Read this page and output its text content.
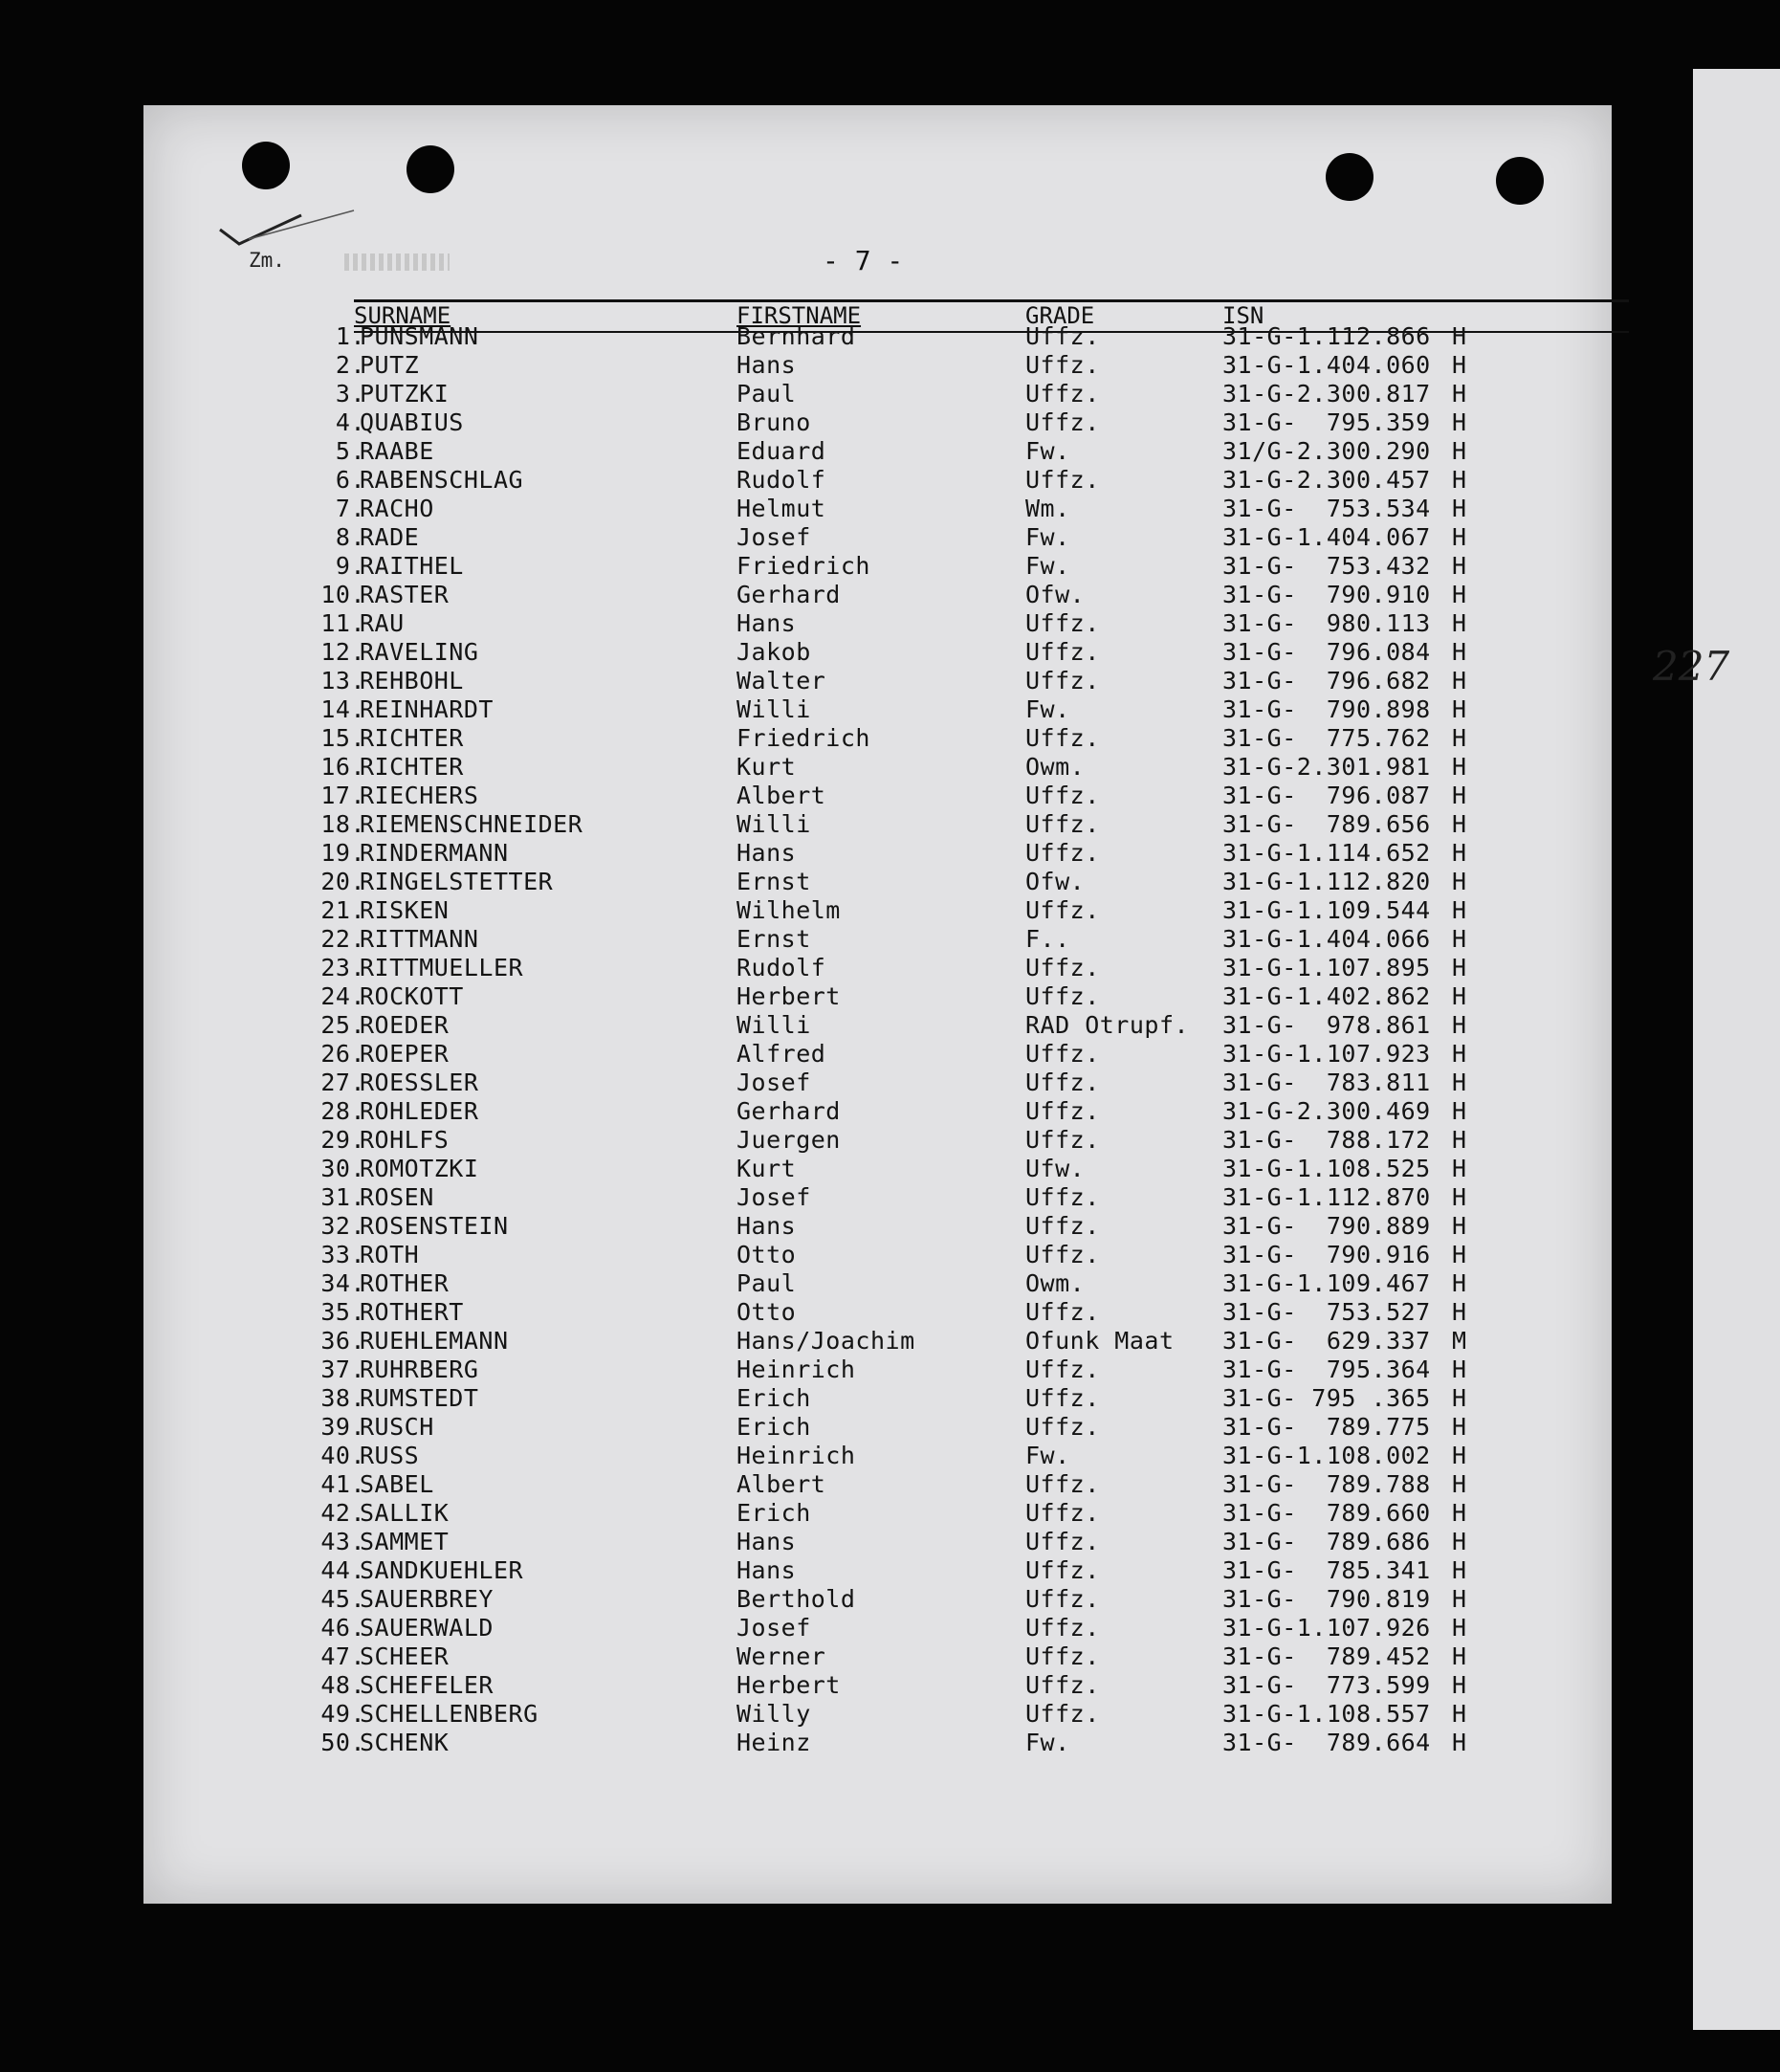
Zm.	- 7 -
227
SURNAME	FIRSTNAME	GRADE	ISN
1.
PUNSMANN	Bernhard	Uffz.	31-G-1.112.866 H
2.
PUTZ	Hans	Uffz.	31-G-1.404.060 H
3.
PUTZKI	Paul	Uffz.	31-G-2.300.817 H
4.
QUABIUS	Bruno	Uffz.	31-G-  795.359 H
5.
RAABE	Eduard	Fw.	31/G-2.300.290 H
6.
RABENSCHLAG	Rudolf	Uffz.	31-G-2.300.457 H
7.
RACHO	Helmut	Wm.	31-G-  753.534 H
8.
RADE	Josef	Fw.	31-G-1.404.067 H
9.
RAITHEL	Friedrich	Fw.	31-G-  753.432 H
10.
RASTER	Gerhard	Ofw.	31-G-  790.910 H
11.
RAU	Hans	Uffz.	31-G-  980.113 H
12.
RAVELING	Jakob	Uffz.	31-G-  796.084 H
13.
REHBOHL	Walter	Uffz.	31-G-  796.682 H
14.
REINHARDT	Willi	Fw.	31-G-  790.898 H
15.
RICHTER	Friedrich	Uffz.	31-G-  775.762 H
16.
RICHTER	Kurt	Owm.	31-G-2.301.981 H
17.
RIECHERS	Albert	Uffz.	31-G-  796.087 H
18.
RIEMENSCHNEIDER	Willi	Uffz.	31-G-  789.656 H
19.
RINDERMANN	Hans	Uffz.	31-G-1.114.652 H
20.
RINGELSTETTER	Ernst	Ofw.	31-G-1.112.820 H
21.
RISKEN	Wilhelm	Uffz.	31-G-1.109.544 H
22.
RITTMANN	Ernst	F..	31-G-1.404.066 H
23.
RITTMUELLER	Rudolf	Uffz.	31-G-1.107.895 H
24.
ROCKOTT	Herbert	Uffz.	31-G-1.402.862 H
25.
ROEDER	Willi	RAD Otrupf. 31-G-  978.861 H
26.
ROEPER	Alfred	Uffz.	31-G-1.107.923 H
27.
ROESSLER	Josef	Uffz.	31-G-  783.811 H
28.
ROHLEDER	Gerhard	Uffz.	31-G-2.300.469 H
29.
ROHLFS	Juergen	Uffz.	31-G-  788.172 H
30.
ROMOTZKI	Kurt	Ufw.	31-G-1.108.525 H
31.
ROSEN	Josef	Uffz.	31-G-1.112.870 H
32.
ROSENSTEIN	Hans	Uffz.	31-G-  790.889 H
33.
ROTH	Otto	Uffz.	31-G-  790.916 H
34.
ROTHER	Paul	Owm.	31-G-1.109.467 H
35.
ROTHERT	Otto	Uffz.	31-G-  753.527 H
36.
RUEHLEMANN	Hans/Joachim	Ofunk Maat 31-G-  629.337 M
37.
RUHRBERG	Heinrich	Uffz.	31-G-  795.364 H
38.
RUMSTEDT	Erich	Uffz.	31-G- 795 .365 H
39.
RUSCH	Erich	Uffz.	31-G-  789.775 H
40.
RUSS	Heinrich	Fw.	31-G-1.108.002 H
41.
SABEL	Albert	Uffz.	31-G-  789.788 H
42.
SALLIK	Erich	Uffz.	31-G-  789.660 H
43.
SAMMET	Hans	Uffz.	31-G-  789.686 H
44.
SANDKUEHLER	Hans	Uffz.	31-G-  785.341 H
45.
SAUERBREY	Berthold	Uffz.	31-G-  790.819 H
46.
SAUERWALD	Josef	Uffz.	31-G-1.107.926 H
47.
SCHEER	Werner	Uffz.	31-G-  789.452 H
48.
SCHEFELER	Herbert	Uffz.	31-G-  773.599 H
49.
SCHELLENBERG	Willy	Uffz.	31-G-1.108.557 H
50.
SCHENK	Heinz	Fw.	31-G-  789.664 H
